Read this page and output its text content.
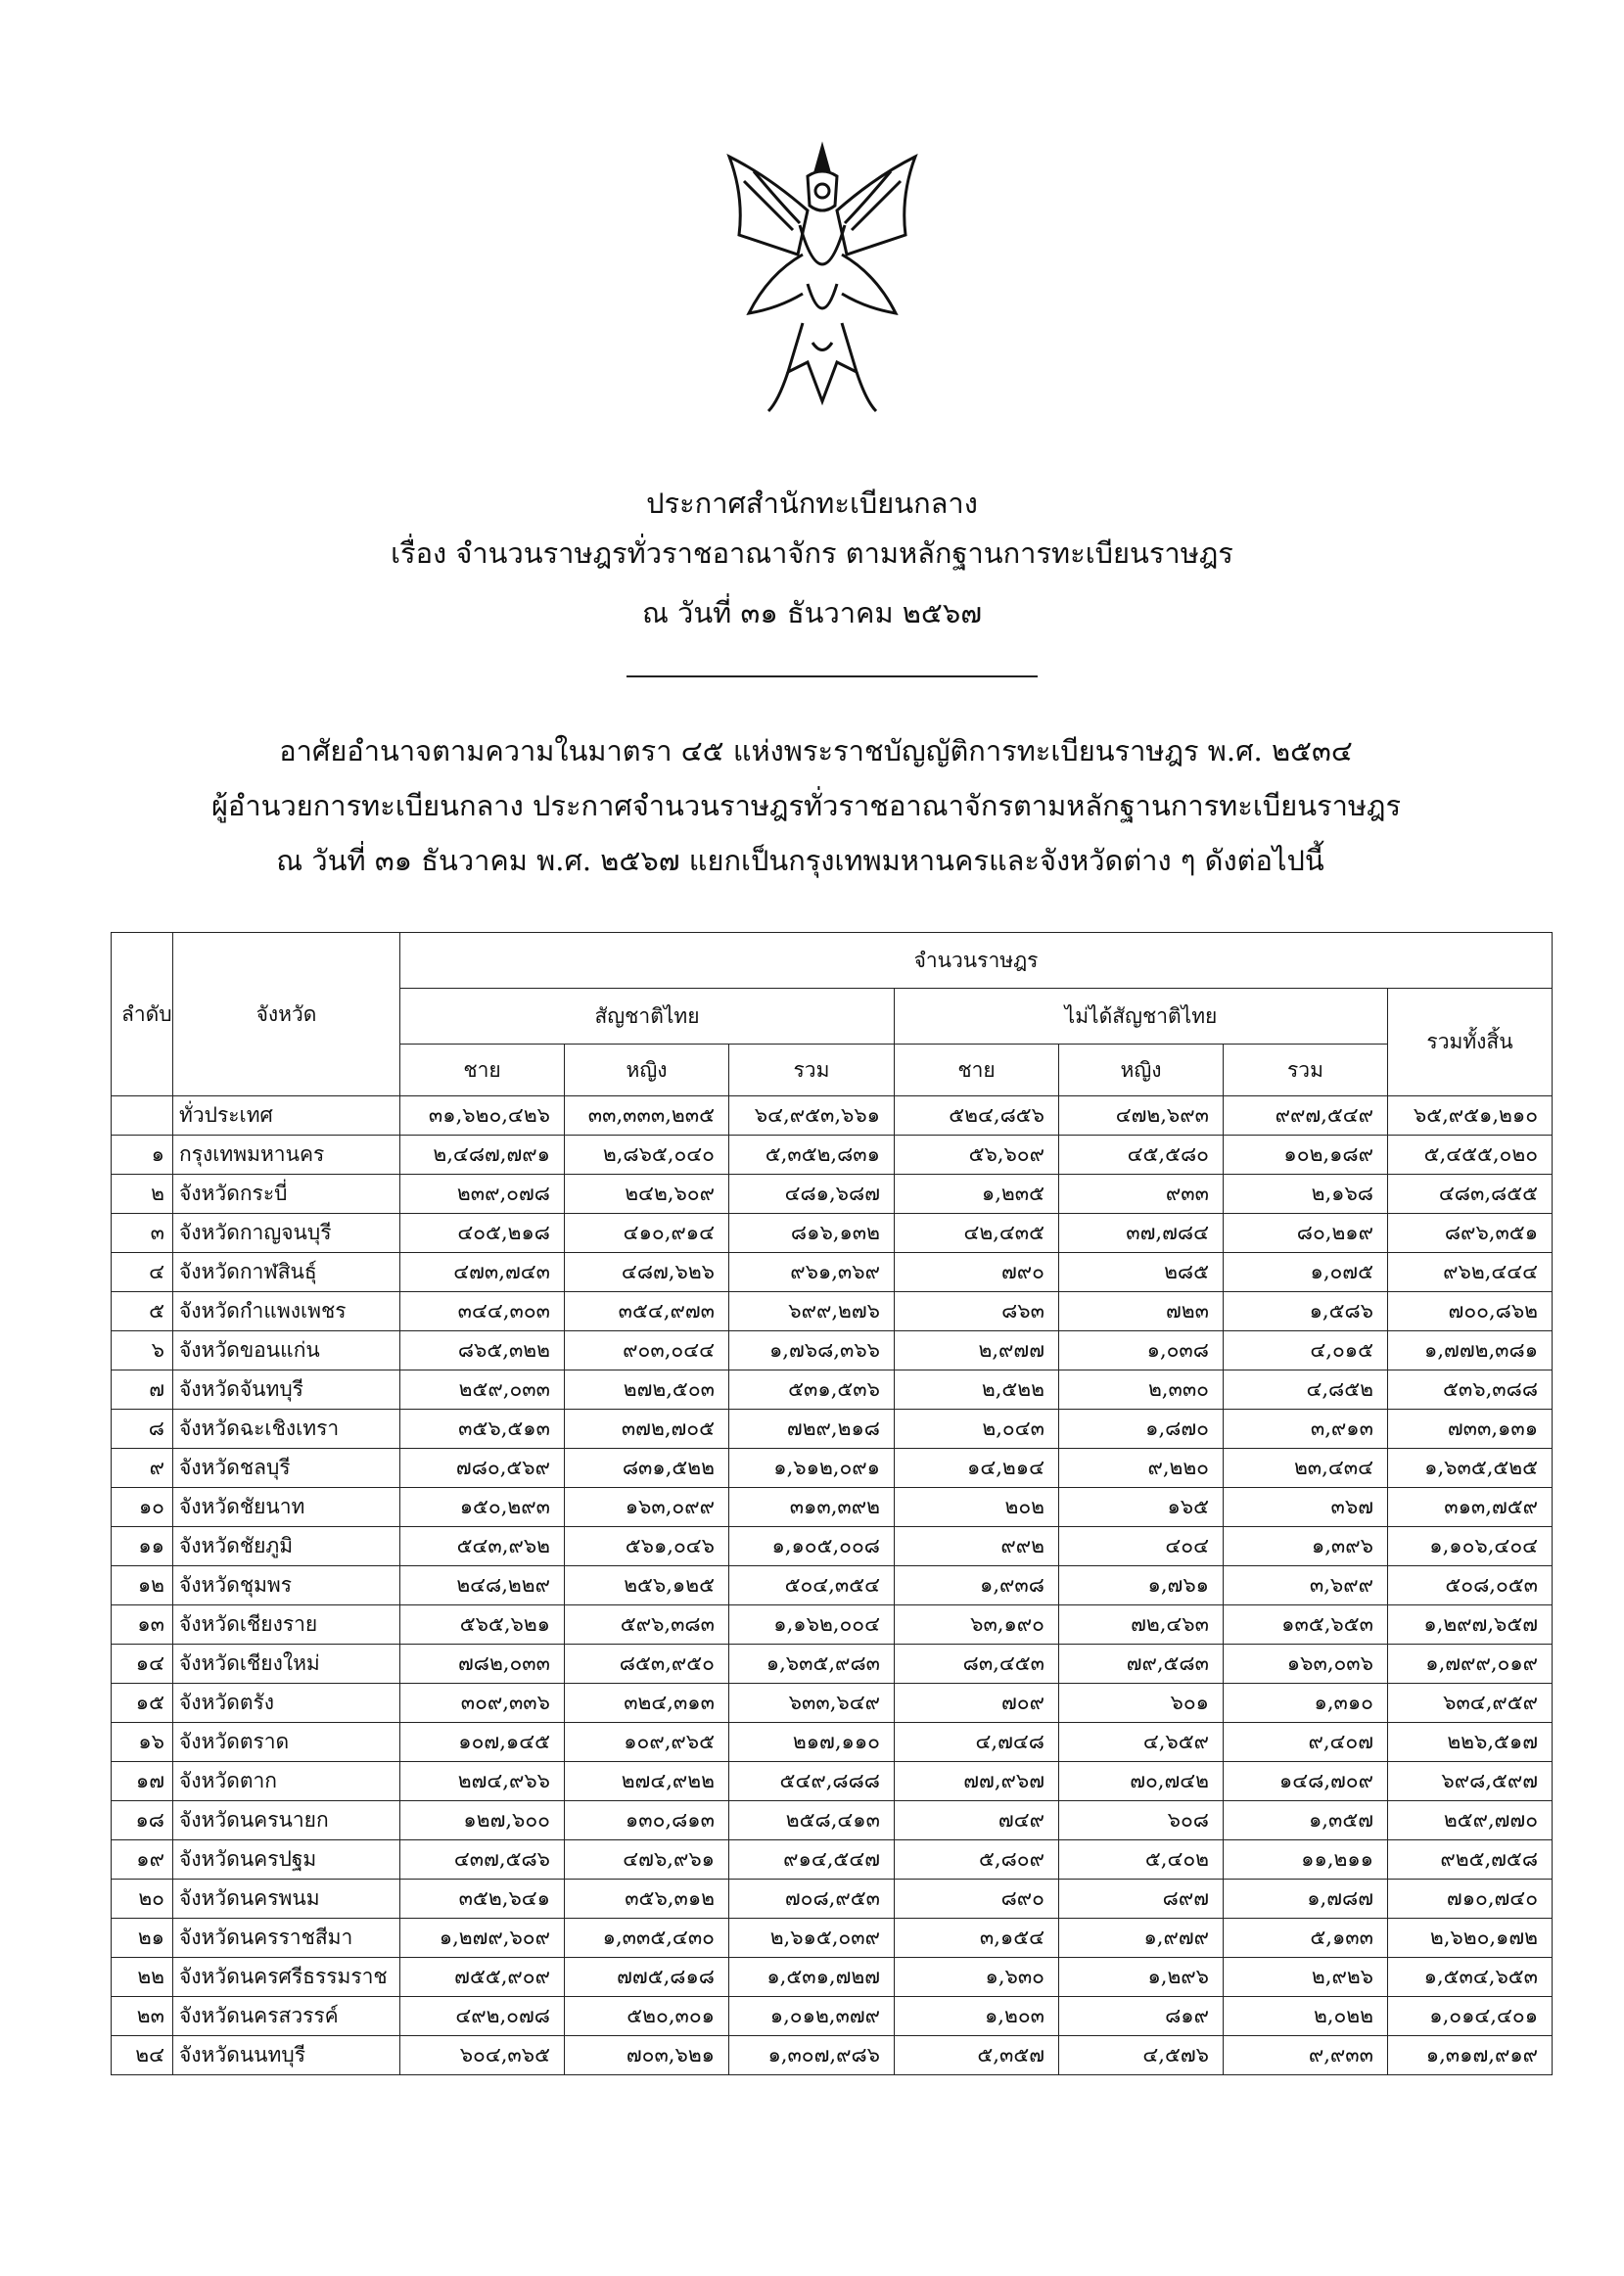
ประกาศสำนักทะเบียนกลาง
เรื่อง จำนวนราษฎรทั่วราชอาณาจักร ตามหลักฐานการทะเบียนราษฎร
ณ วันที่ ๓๑ ธันวาคม ๒๕๖๗
อาศัยอำนาจตามความในมาตรา ๔๕ แห่งพระราชบัญญัติการทะเบียนราษฎร พ.ศ. ๒๕๓๔
ผู้อำนวยการทะเบียนกลาง ประกาศจำนวนราษฎรทั่วราชอาณาจักรตามหลักฐานการทะเบียนราษฎร
ณ วันที่ ๓๑ ธันวาคม พ.ศ. ๒๕๖๗ แยกเป็นกรุงเทพมหานครและจังหวัดต่าง ๆ ดังต่อไปนี้
ลำดับ	จังหวัด	จำนวนราษฎร						
		สัญชาติไทย			ไม่ได้สัญชาติไทย			รวมทั้งสิ้น
		ชาย	หญิง	รวม	ชาย	หญิง	รวม	
	ทั่วประเทศ	๓๑,๖๒๐,๔๒๖	๓๓,๓๓๓,๒๓๕	๖๔,๙๕๓,๖๖๑	๕๒๔,๘๕๖	๔๗๒,๖๙๓	๙๙๗,๕๔๙	๖๕,๙๕๑,๒๑๐
๑	กรุงเทพมหานคร	๒,๔๘๗,๗๙๑	๒,๘๖๕,๐๔๐	๕,๓๕๒,๘๓๑	๕๖,๖๐๙	๔๕,๕๘๐	๑๐๒,๑๘๙	๕,๔๕๕,๐๒๐
๒	จังหวัดกระบี่	๒๓๙,๐๗๘	๒๔๒,๖๐๙	๔๘๑,๖๘๗	๑,๒๓๕	๙๓๓	๒,๑๖๘	๔๘๓,๘๕๕
๓	จังหวัดกาญจนบุรี	๔๐๕,๒๑๘	๔๑๐,๙๑๔	๘๑๖,๑๓๒	๔๒,๔๓๕	๓๗,๗๘๔	๘๐,๒๑๙	๘๙๖,๓๕๑
๔	จังหวัดกาฬสินธุ์	๔๗๓,๗๔๓	๔๘๗,๖๒๖	๙๖๑,๓๖๙	๗๙๐	๒๘๕	๑,๐๗๕	๙๖๒,๔๔๔
๕	จังหวัดกำแพงเพชร	๓๔๔,๓๐๓	๓๕๔,๙๗๓	๖๙๙,๒๗๖	๘๖๓	๗๒๓	๑,๕๘๖	๗๐๐,๘๖๒
๖	จังหวัดขอนแก่น	๘๖๕,๓๒๒	๙๐๓,๐๔๔	๑,๗๖๘,๓๖๖	๒,๙๗๗	๑,๐๓๘	๔,๐๑๕	๑,๗๗๒,๓๘๑
๗	จังหวัดจันทบุรี	๒๕๙,๐๓๓	๒๗๒,๕๐๓	๕๓๑,๕๓๖	๒,๕๒๒	๒,๓๓๐	๔,๘๕๒	๕๓๖,๓๘๘
๘	จังหวัดฉะเชิงเทรา	๓๕๖,๕๑๓	๓๗๒,๗๐๕	๗๒๙,๒๑๘	๒,๐๔๓	๑,๘๗๐	๓,๙๑๓	๗๓๓,๑๓๑
๙	จังหวัดชลบุรี	๗๘๐,๕๖๙	๘๓๑,๕๒๒	๑,๖๑๒,๐๙๑	๑๔,๒๑๔	๙,๒๒๐	๒๓,๔๓๔	๑,๖๓๕,๕๒๕
๑๐	จังหวัดชัยนาท	๑๕๐,๒๙๓	๑๖๓,๐๙๙	๓๑๓,๓๙๒	๒๐๒	๑๖๕	๓๖๗	๓๑๓,๗๕๙
๑๑	จังหวัดชัยภูมิ	๕๔๓,๙๖๒	๕๖๑,๐๔๖	๑,๑๐๕,๐๐๘	๙๙๒	๔๐๔	๑,๓๙๖	๑,๑๐๖,๔๐๔
๑๒	จังหวัดชุมพร	๒๔๘,๒๒๙	๒๕๖,๑๒๕	๕๐๔,๓๕๔	๑,๙๓๘	๑,๗๖๑	๓,๖๙๙	๕๐๘,๐๕๓
๑๓	จังหวัดเชียงราย	๕๖๕,๖๒๑	๕๙๖,๓๘๓	๑,๑๖๒,๐๐๔	๖๓,๑๙๐	๗๒,๔๖๓	๑๓๕,๖๕๓	๑,๒๙๗,๖๕๗
๑๔	จังหวัดเชียงใหม่	๗๘๒,๐๓๓	๘๕๓,๙๕๐	๑,๖๓๕,๙๘๓	๘๓,๔๕๓	๗๙,๕๘๓	๑๖๓,๐๓๖	๑,๗๙๙,๐๑๙
๑๕	จังหวัดตรัง	๓๐๙,๓๓๖	๓๒๔,๓๑๓	๖๓๓,๖๔๙	๗๐๙	๖๐๑	๑,๓๑๐	๖๓๔,๙๕๙
๑๖	จังหวัดตราด	๑๐๗,๑๔๕	๑๐๙,๙๖๕	๒๑๗,๑๑๐	๔,๗๔๘	๔,๖๕๙	๙,๔๐๗	๒๒๖,๕๑๗
๑๗	จังหวัดตาก	๒๗๔,๙๖๖	๒๗๔,๙๒๒	๕๔๙,๘๘๘	๗๗,๙๖๗	๗๐,๗๔๒	๑๔๘,๗๐๙	๖๙๘,๕๙๗
๑๘	จังหวัดนครนายก	๑๒๗,๖๐๐	๑๓๐,๘๑๓	๒๕๘,๔๑๓	๗๔๙	๖๐๘	๑,๓๕๗	๒๕๙,๗๗๐
๑๙	จังหวัดนครปฐม	๔๓๗,๕๘๖	๔๗๖,๙๖๑	๙๑๔,๕๔๗	๕,๘๐๙	๕,๔๐๒	๑๑,๒๑๑	๙๒๕,๗๕๘
๒๐	จังหวัดนครพนม	๓๕๒,๖๔๑	๓๕๖,๓๑๒	๗๐๘,๙๕๓	๘๙๐	๘๙๗	๑,๗๘๗	๗๑๐,๗๔๐
๒๑	จังหวัดนครราชสีมา	๑,๒๗๙,๖๐๙	๑,๓๓๕,๔๓๐	๒,๖๑๕,๐๓๙	๓,๑๕๔	๑,๙๗๙	๕,๑๓๓	๒,๖๒๐,๑๗๒
๒๒	จังหวัดนครศรีธรรมราช	๗๕๕,๙๐๙	๗๗๕,๘๑๘	๑,๕๓๑,๗๒๗	๑,๖๓๐	๑,๒๙๖	๒,๙๒๖	๑,๕๓๔,๖๕๓
๒๓	จังหวัดนครสวรรค์	๔๙๒,๐๗๘	๕๒๐,๓๐๑	๑,๐๑๒,๓๗๙	๑,๒๐๓	๘๑๙	๒,๐๒๒	๑,๐๑๔,๔๐๑
๒๔	จังหวัดนนทบุรี	๖๐๔,๓๖๕	๗๐๓,๖๒๑	๑,๓๐๗,๙๘๖	๕,๓๕๗	๔,๕๗๖	๙,๙๓๓	๑,๓๑๗,๙๑๙
